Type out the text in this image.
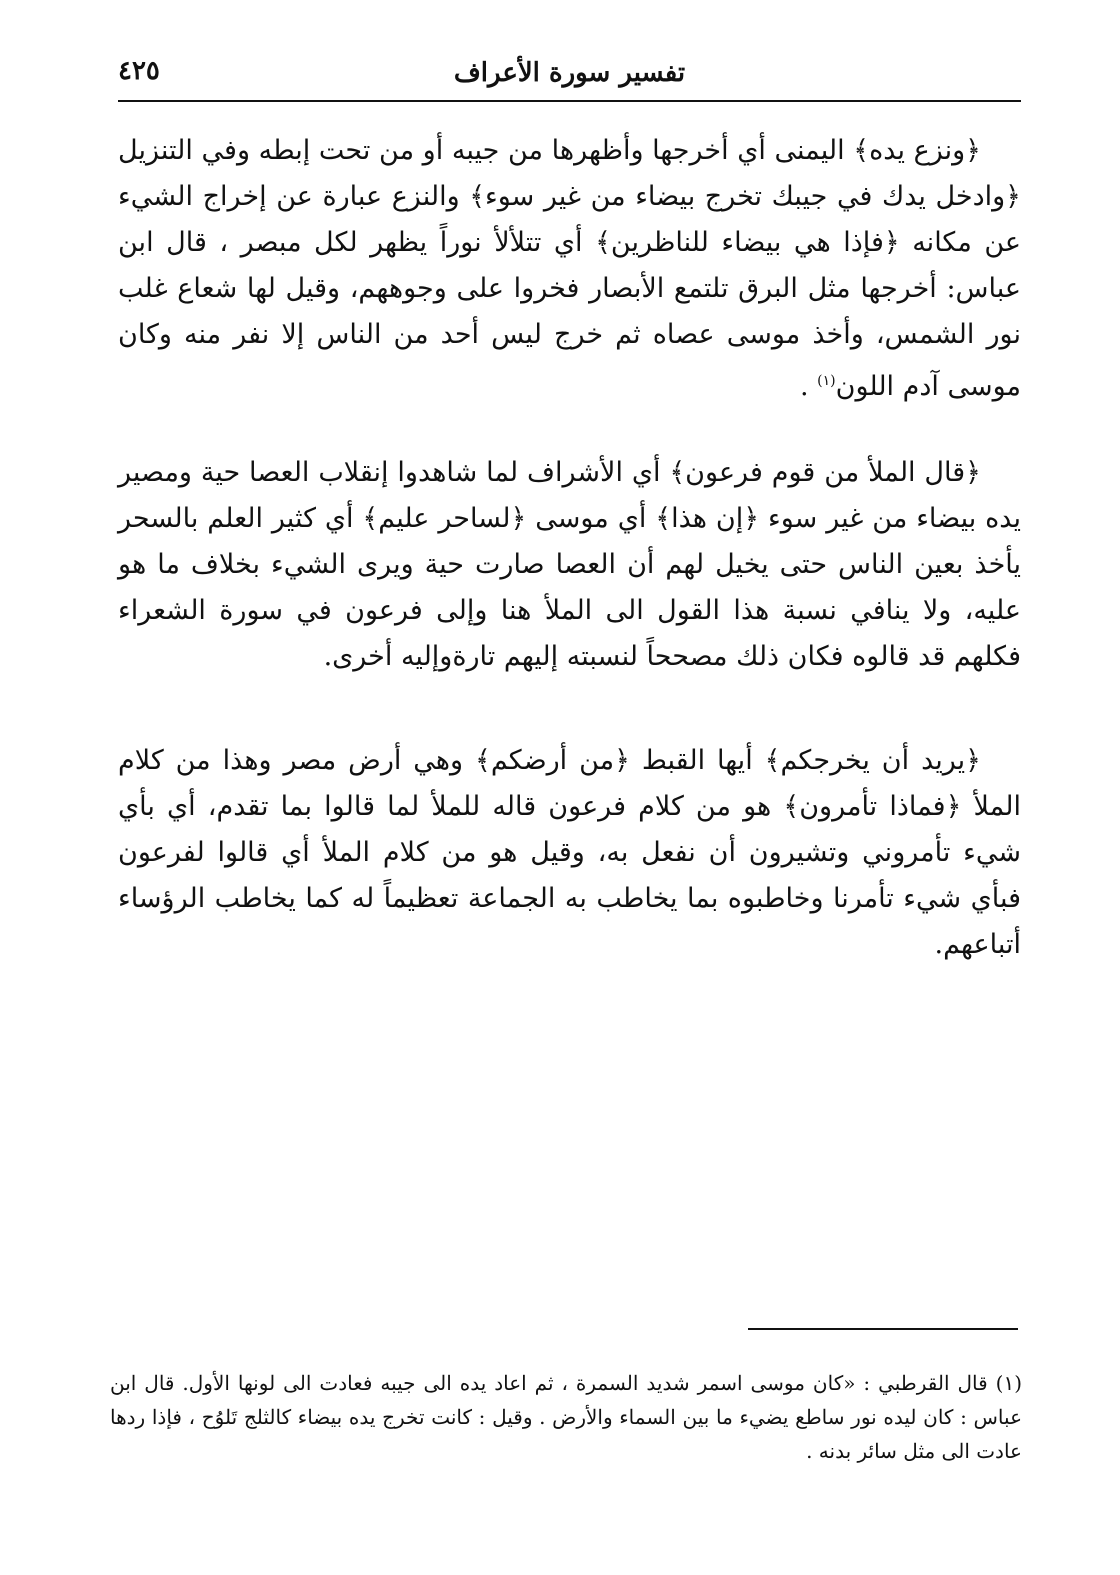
تفسير سورة الأعراف
٤٢٥

﴿ونزع يده﴾ اليمنى أي أخرجها وأظهرها من جيبه أو من تحت إبطه وفي التنزيل ﴿وادخل يدك في جيبك تخرج بيضاء من غير سوء﴾ والنزع عبارة عن إخراج الشيء عن مكانه ﴿فإذا هي بيضاء للناظرين﴾ أي تتلألأ نوراً يظهر لكل مبصر ، قال ابن عباس: أخرجها مثل البرق تلتمع الأبصار فخروا على وجوههم، وقيل لها شعاع غلب نور الشمس، وأخذ موسى عصاه ثم خرج ليس أحد من الناس إلا نفر منه وكان موسى آدم اللون$^{(١)}$ .

﴿قال الملأ من قوم فرعون﴾ أي الأشراف لما شاهدوا إنقلاب العصا حية ومصير يده بيضاء من غير سوء ﴿إن هذا﴾ أي موسى ﴿لساحر عليم﴾ أي كثير العلم بالسحر يأخذ بعين الناس حتى يخيل لهم أن العصا صارت حية ويرى الشيء بخلاف ما هو عليه، ولا ينافي نسبة هذا القول الى الملأ هنا وإلى فرعون في سورة الشعراء فكلهم قد قالوه فكان ذلك مصححاً لنسبته إليهم تارةوإليه أخرى.

﴿يريد أن يخرجكم﴾ أيها القبط ﴿من أرضكم﴾ وهي أرض مصر وهذا من كلام الملأ ﴿فماذا تأمرون﴾ هو من كلام فرعون قاله للملأ لما قالوا بما تقدم، أي بأي شيء تأمروني وتشيرون أن نفعل به، وقيل هو من كلام الملأ أي قالوا لفرعون فبأي شيء تأمرنا وخاطبوه بما يخاطب به الجماعة تعظيماً له كما يخاطب الرؤساء أتباعهم.

(١)قال القرطبي : «كان موسى اسمر شديد السمرة ، ثم اعاد يده الى جيبه فعادت الى لونها الأول. قال ابن عباس : كان ليده نور ساطع يضيء ما بين السماء والأرض . وقيل : كانت تخرج يده بيضاء كالثلج تَلوُح ، فإذا ردها عادت الى مثل سائر بدنه .
